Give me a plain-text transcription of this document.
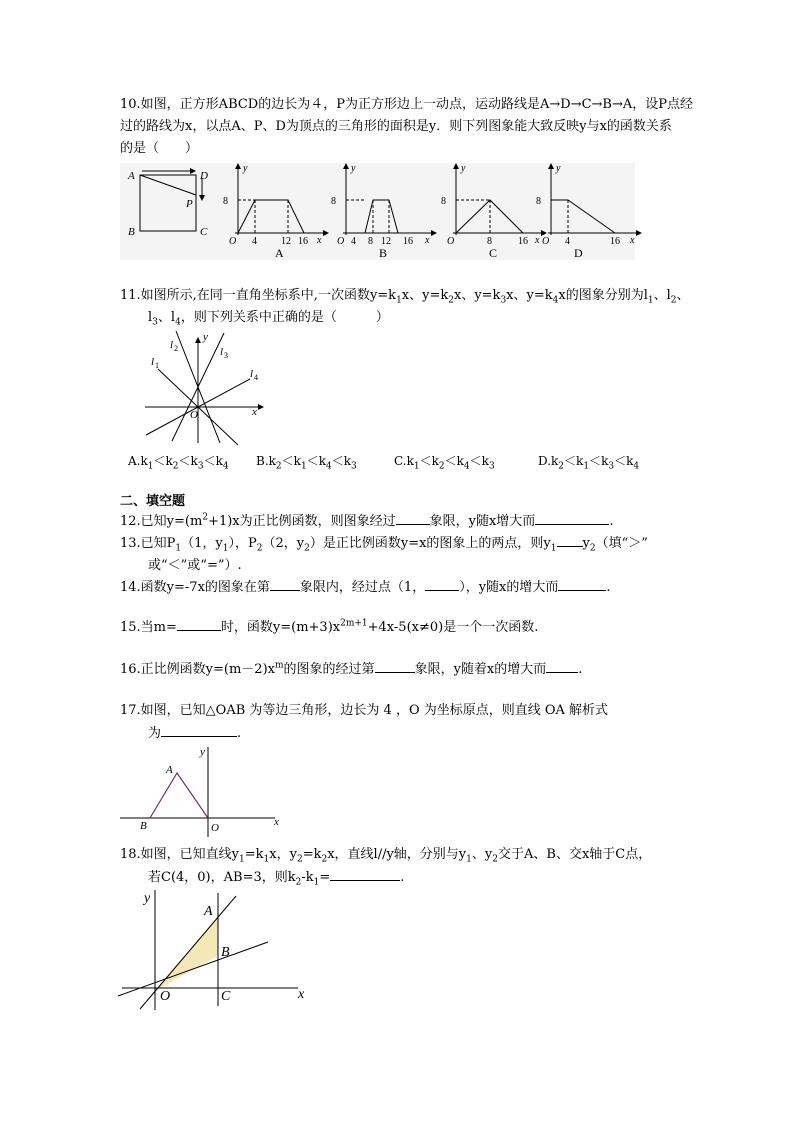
10.如图，正方形ABCD的边长为４，P为正方形边上一动点，运动路线是A→D→C→B→A，设P点经
过的路线为x，以点A、P、D为顶点的三角形的面积是y．则下列图象能大致反映y与x的函数关系
的是（　　）
A	D
P
B	C
y
8
O 4 12 16 x
A
y
8
O 4 8 12 16 x
B
y
8
O	8	16 x
C
y
8
O 4	16 x
D
11.如图所示,在同一直角坐标系中,一次函数$y=k_1x$、$y=k_2x$、$y=k_3x$、$y=k_4x$的图象分别为$l_1$、$l_2$、
$l_3$、$l_4$，则下列关系中正确的是（　　　）
l 1
l 2	l 3
l 4
y
x
O
$A.k_1<k_2<k_3<k_4$ $B.k_2<k_1<k_4<k_3$	$C.k_1<k_2<k_4<k_3$	$D.k_2<k_1<k_3<k_4$
二、填空题
12.已知$y=(m^2+1)x$为正比例函数，则图象经过	象限，y随x增大而	.
13.已知$P_1(1$，$y_1$），$P_2(2$，$y_2$）是正比例函数y=x的图象上的两点，则$y_1$ $y_2$（填“＞”
或“＜”或“=”）.
14.函数y=-7x的图象在第 象限内，经过点（1，	），y随x的增大而	.
15.当m=	时，函数$y=(m+3)x^{2m+1}+4x-5(x\ne 0)$是一个一次函数.
16.正比例函数$y=(m-2)x^m$的图象的经过第	象限，y随着x的增大而 .
17.如图，已知△OAB 为等边三角形，边长为 4 ，O 为坐标原点，则直线 OA 解析式
为	.
A
B	O
y
x
18.如图，已知直线$y_1=k_1x$，$y_2=k_2x$，直线l//y轴，分别与$y_1$、$y_2$交于A、B、交x轴于C点，
若C(4，0)，AB=3，则$k_2-k_1=$	.
A
B
C
O
y
x
